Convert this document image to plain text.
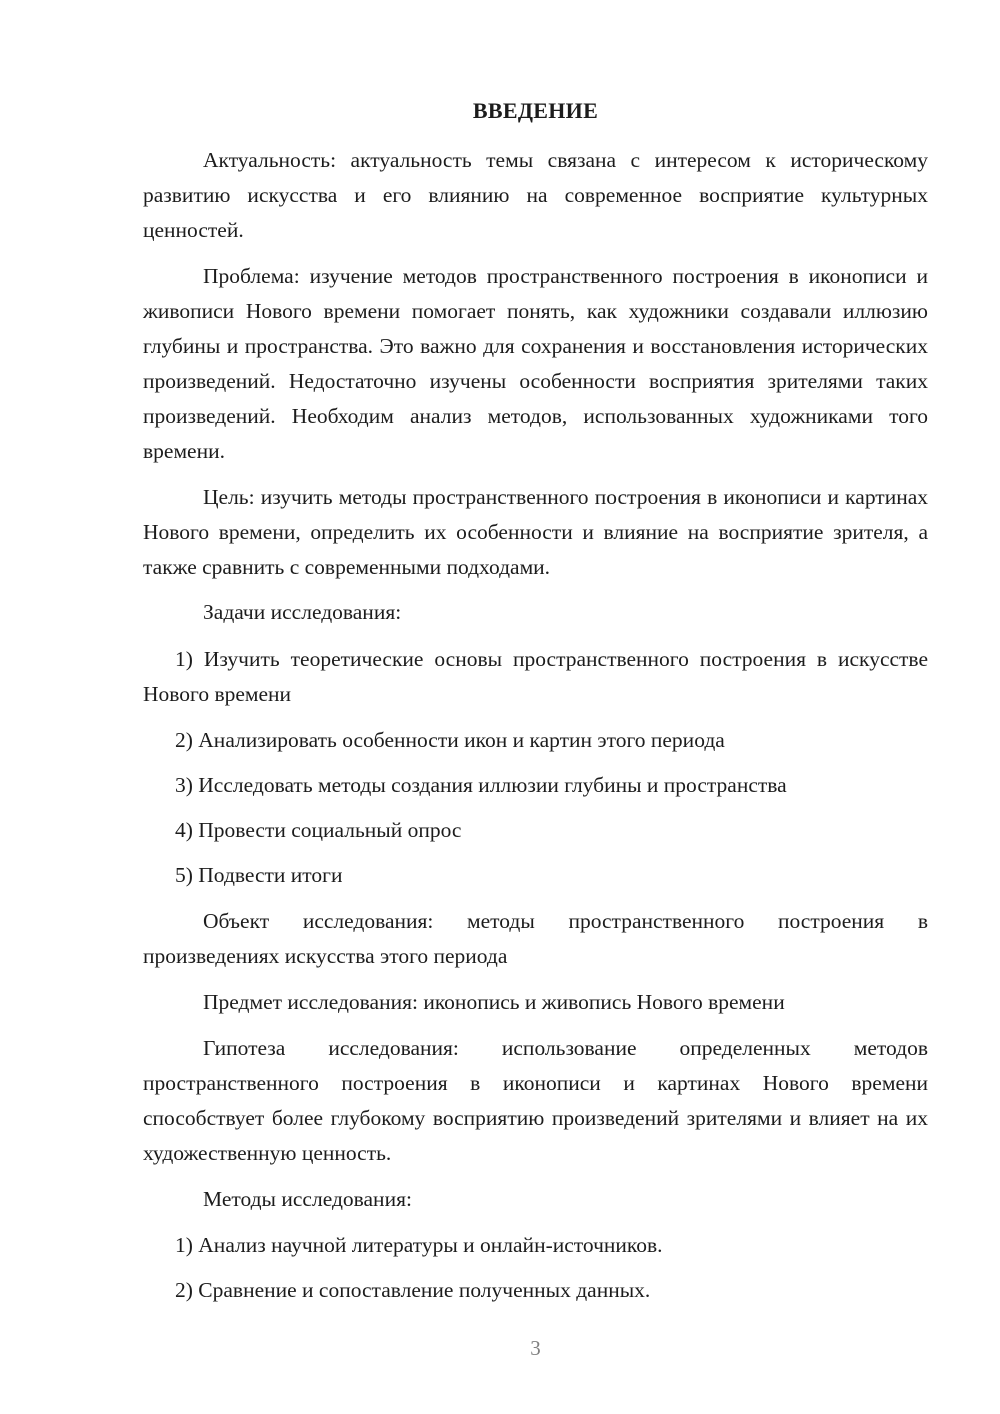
ВВЕДЕНИЕ

Актуальность: актуальность темы связана с интересом к историческому развитию искусства и его влиянию на современное восприятие культурных ценностей.

Проблема: изучение методов пространственного построения в иконописи и живописи Нового времени помогает понять, как художники создавали иллюзию глубины и пространства. Это важно для сохранения и восстановления исторических произведений. Недостаточно изучены особенности восприятия зрителями таких произведений. Необходим анализ методов, использованных художниками того времени.

Цель: изучить методы пространственного построения в иконописи и картинах Нового времени, определить их особенности и влияние на восприятие зрителя, а также сравнить с современными подходами.

Задачи исследования:

1) Изучить теоретические основы пространственного построения в искусстве Нового времени

2) Анализировать особенности икон и картин этого периода

3) Исследовать методы создания иллюзии глубины и пространства

4) Провести социальный опрос

5) Подвести итоги

Объект исследования: методы пространственного построения в произведениях искусства этого периода

Предмет исследования: иконопись и живопись Нового времени

Гипотеза исследования: использование определенных методов пространственного построения в иконописи и картинах Нового времени способствует более глубокому восприятию произведений зрителями и влияет на их художественную ценность.

Методы исследования:

1) Анализ научной литературы и онлайн-источников.

2) Сравнение и сопоставление полученных данных.

3
